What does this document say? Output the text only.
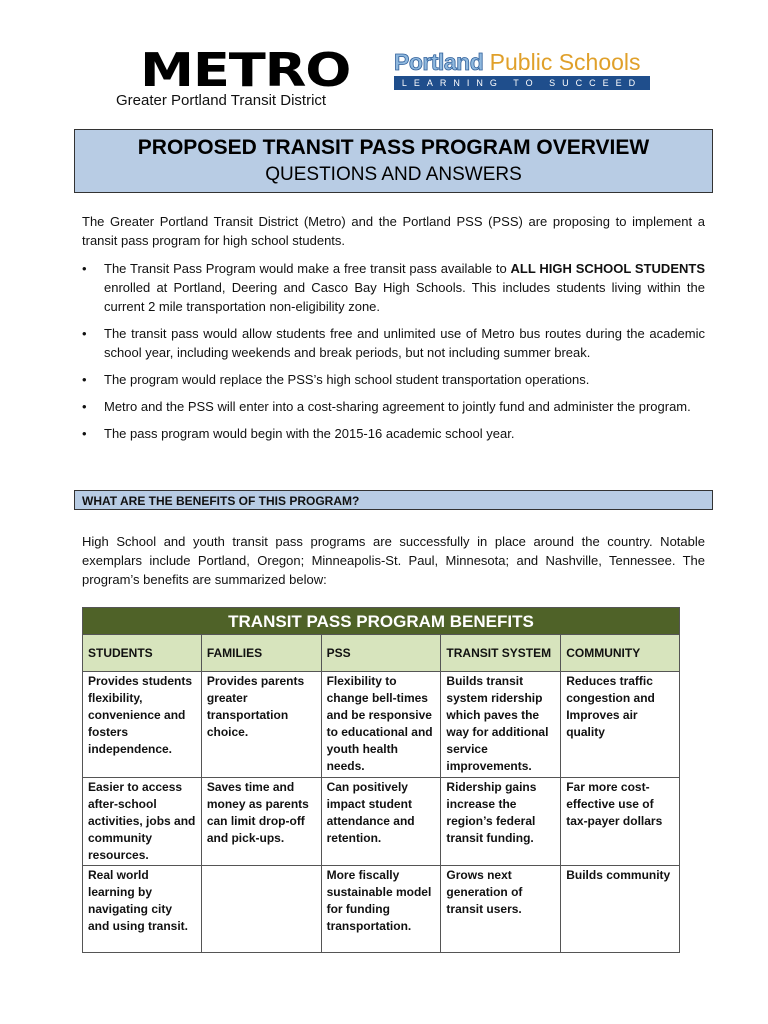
METRO
Greater Portland Transit District
Portland Public Schools
LEARNING TO SUCCEED
PROPOSED TRANSIT PASS PROGRAM OVERVIEW
QUESTIONS AND ANSWERS
The Greater Portland Transit District (Metro) and the Portland PSS (PSS) are proposing to implement a transit pass program for high school students.
• The Transit Pass Program would make a free transit pass available to ALL HIGH SCHOOL STUDENTS enrolled at Portland, Deering and Casco Bay High Schools. This includes students living within the current 2 mile transportation non-eligibility zone.
• The transit pass would allow students free and unlimited use of Metro bus routes during the academic school year, including weekends and break periods, but not including summer break.
• The program would replace the PSS’s high school student transportation operations.
• Metro and the PSS will enter into a cost-sharing agreement to jointly fund and administer the program.
• The pass program would begin with the 2015-16 academic school year.
WHAT ARE THE BENEFITS OF THIS PROGRAM?
High School and youth transit pass programs are successfully in place around the country. Notable exemplars include Portland, Oregon; Minneapolis-St. Paul, Minnesota; and Nashville, Tennessee. The program’s benefits are summarized below:
TRANSIT PASS PROGRAM BENEFITS				
STUDENTS	FAMILIES	PSS	TRANSIT SYSTEM	COMMUNITY
Provides students flexibility, convenience and fosters independence.	Provides parents greater transportation choice.	Flexibility to change bell-times and be responsive to educational and youth health needs.	Builds transit system ridership which paves the way for additional service improvements.	Reduces traffic congestion and Improves air quality
Easier to access after-school activities, jobs and community resources.	Saves time and money as parents can limit drop-off and pick-ups.	Can positively impact student attendance and retention.	Ridership gains increase the region’s federal transit funding.	Far more cost-effective use of tax-payer dollars
Real world learning by navigating city and using transit.		More fiscally sustainable model for funding transportation.	Grows next generation of transit users.	Builds community
